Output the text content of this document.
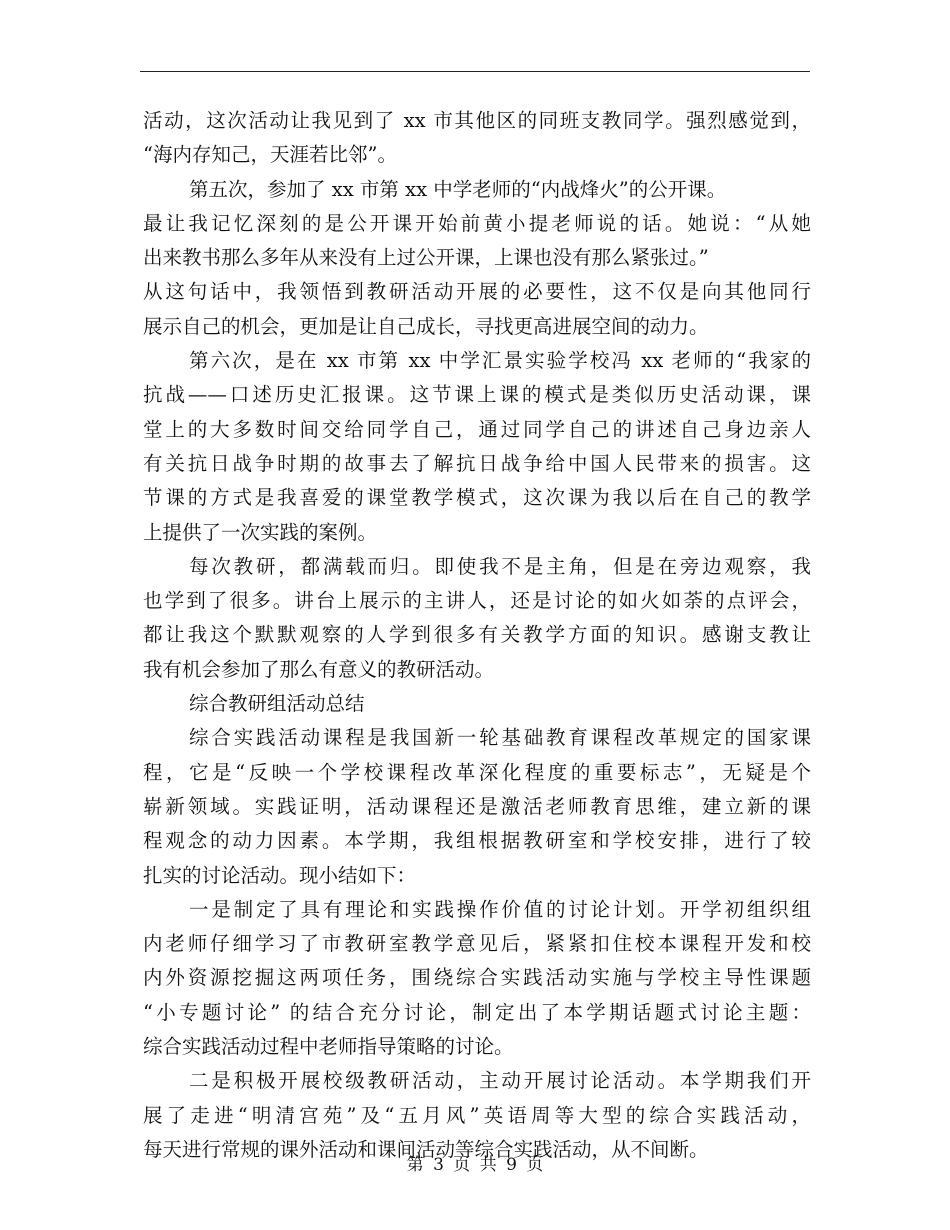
活动，这次活动让我见到了 xx 市其他区的同班支教同学。强烈感觉到，
“海内存知己，天涯若比邻”。
第五次，参加了 xx 市第 xx 中学老师的“内战烽火”的公开课。
最让我记忆深刻的是公开课开始前黄小提老师说的话。她说：“从她
出来教书那么多年从来没有上过公开课，上课也没有那么紧张过。”
从这句话中，我领悟到教研活动开展的必要性，这不仅是向其他同行
展示自己的机会，更加是让自己成长，寻找更高进展空间的动力。
第六次，是在 xx 市第 xx 中学汇景实验学校冯 xx 老师的“我家的
抗战——口述历史汇报课。这节课上课的模式是类似历史活动课，课
堂上的大多数时间交给同学自己，通过同学自己的讲述自己身边亲人
有关抗日战争时期的故事去了解抗日战争给中国人民带来的损害。这
节课的方式是我喜爱的课堂教学模式，这次课为我以后在自己的教学
上提供了一次实践的案例。
每次教研，都满载而归。即使我不是主角，但是在旁边观察，我
也学到了很多。讲台上展示的主讲人，还是讨论的如火如荼的点评会，
都让我这个默默观察的人学到很多有关教学方面的知识。感谢支教让
我有机会参加了那么有意义的教研活动。
综合教研组活动总结
综合实践活动课程是我国新一轮基础教育课程改革规定的国家课
程，它是“反映一个学校课程改革深化程度的重要标志”，无疑是个
崭新领域。实践证明，活动课程还是激活老师教育思维，建立新的课
程观念的动力因素。本学期，我组根据教研室和学校安排，进行了较
扎实的讨论活动。现小结如下：
一是制定了具有理论和实践操作价值的讨论计划。开学初组织组
内老师仔细学习了市教研室教学意见后，紧紧扣住校本课程开发和校
内外资源挖掘这两项任务，围绕综合实践活动实施与学校主导性课题
“小专题讨论” 的结合充分讨论，制定出了本学期话题式讨论主题：
综合实践活动过程中老师指导策略的讨论。
二是积极开展校级教研活动，主动开展讨论活动。本学期我们开
展了走进“明清宫苑”及“五月风”英语周等大型的综合实践活动，
每天进行常规的课外活动和课间活动等综合实践活动，从不间断。
第 3 页 共 9 页
